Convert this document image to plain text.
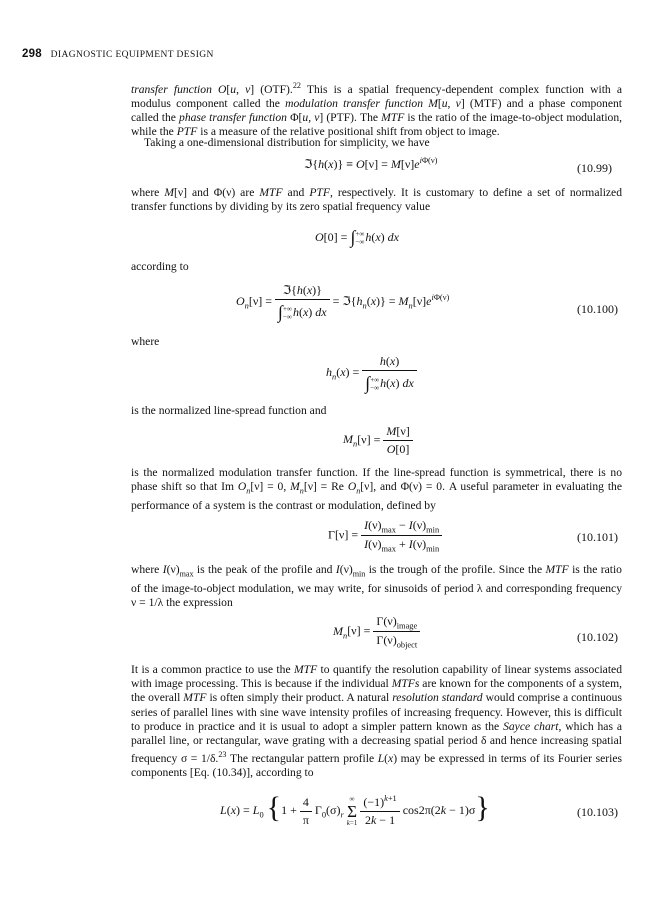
298 DIAGNOSTIC EQUIPMENT DESIGN
transfer function O[u, v] (OTF).$^{22}$ This is a spatial frequency-dependent complex function with a modulus component called the modulation transfer function M[u, v] (MTF) and a phase component called the phase transfer function Φ[u, v] (PTF). The MTF is the ratio of the image-to-object modulation, while the PTF is a measure of the relative positional shift from object to image.
Taking a one-dimensional distribution for simplicity, we have
ℑ{h(x)} ≡ $O[\nu] = M[\nu]e^{i\Phi(\nu)}$
(10.99)
where M[ν] and Φ(ν) are MTF and PTF, respectively. It is customary to define a set of normalized transfer functions by dividing by its zero spatial frequency value
O[0] = ∫+∞
−∞h(x) dx
according to
$O_n[\nu]$ =
ℑ{h(x)}
∫+∞
−∞h(x) dx
= $ℑ\{h_n(x)\} = M_n[\nu]e^{i\Phi(\nu)}$
(10.100)
where
$h_n(x)$ =
h(x)
∫+∞
−∞h(x) dx
is the normalized line-spread function and
$M_n[\nu] = \frac{M[\nu]}{O[0]}$
is the normalized modulation transfer function. If the line-spread function is symmetrical, there is no phase shift so that Im $O_n[\nu] = 0$, $M_n[\nu] = Re$ $O_n[\nu]$, and Φ(ν) = 0. A useful parameter in evaluating the performance of a system is the contrast or modulation, defined by
$\Gamma[\nu] = \frac{I(\nu)_{max} - I(\nu)_{min}}{I(\nu)_{max} + I(\nu)_{min}}$	(10.101)
where $I(\nu)_{max}$ is the peak of the profile and $I(\nu)_{min}$ is the trough of the profile. Since the MTF is the ratio of the image-to-object modulation, we may write, for sinusoids of period λ and corresponding frequency ν = 1/λ the expression
$M_n[\nu] = \frac{\Gamma(\nu)_{image}}{\Gamma(\nu)_{object}}$	(10.102)
It is a common practice to use the MTF to quantify the resolution capability of linear systems associated with image processing. This is because if the individual MTFs are known for the components of a system, the overall MTF is often simply their product. A natural resolution standard would comprise a continuous series of parallel lines with sine wave intensity profiles of increasing frequency. However, this is difficult to produce in practice and it is usual to adopt a simpler pattern known as the Sayce chart, which has a parallel line, or rectangular, wave grating with a decreasing spatial period δ and hence increasing spatial frequency σ = 1/δ.$^{23}$ The rectangular pattern profile L(x) may be expressed in terms of its Fourier series components [Eq. (10.34)], according to
$L(x) = L_0$ {$1 + \frac{4}{\pi} \Gamma_0(\sigma)_r$ ∞
Σ
$k=1 \frac{(-1)^{k+1}}{2k - 1} \cos 2\pi(2k - 1)\sigma$}	(10.103)
